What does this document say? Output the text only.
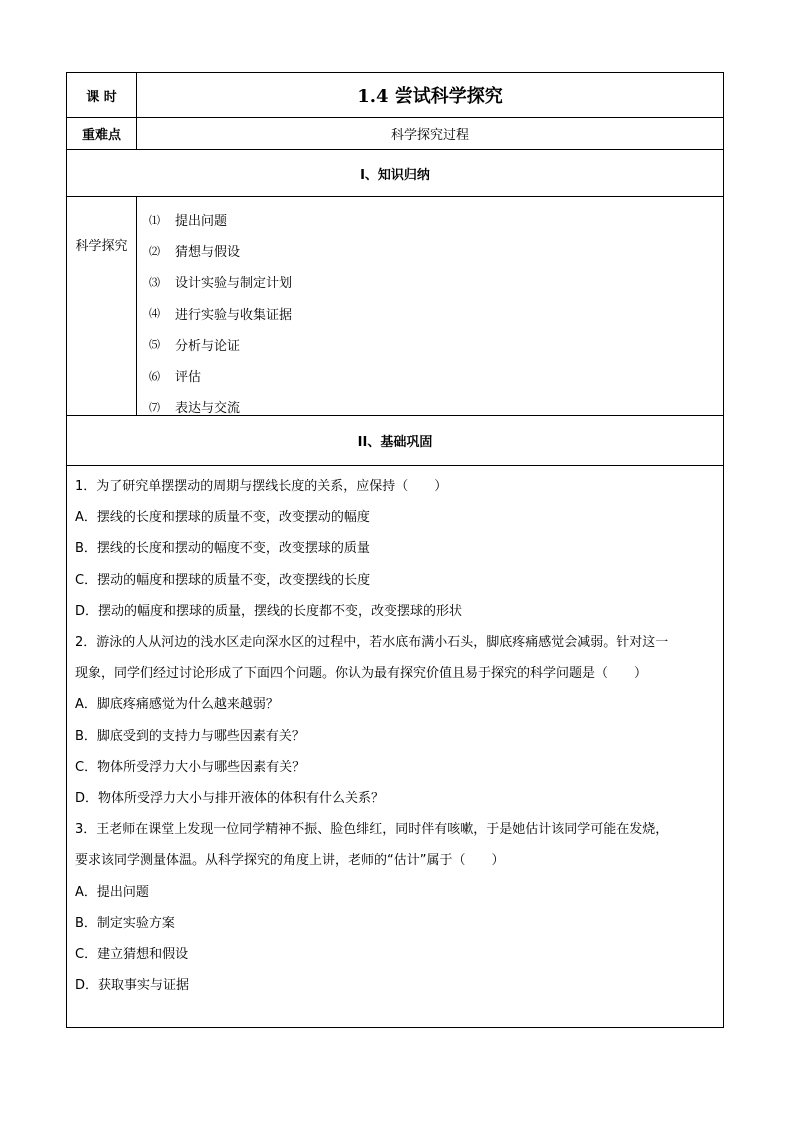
课 时	1.4 尝试科学探究
重难点	科学探究过程
I、知识归纳
科学探究
⑴	提出问题
⑵	猜想与假设
⑶	设计实验与制定计划
⑷	进行实验与收集证据
⑸	分析与论证
⑹	评估
⑺	表达与交流
II、基础巩固
1．为了研究单摆摆动的周期与摆线长度的关系，应保持（　　）
A．摆线的长度和摆球的质量不变，改变摆动的幅度
B．摆线的长度和摆动的幅度不变，改变摆球的质量
C．摆动的幅度和摆球的质量不变，改变摆线的长度
D．摆动的幅度和摆球的质量，摆线的长度都不变，改变摆球的形状
2．游泳的人从河边的浅水区走向深水区的过程中，若水底布满小石头，脚底疼痛感觉会减弱。针对这一
现象，同学们经过讨论形成了下面四个问题。你认为最有探究价值且易于探究的科学问题是（　　）
A．脚底疼痛感觉为什么越来越弱？
B．脚底受到的支持力与哪些因素有关？
C．物体所受浮力大小与哪些因素有关？
D．物体所受浮力大小与排开液体的体积有什么关系？
3．王老师在课堂上发现一位同学精神不振、脸色绯红，同时伴有咳嗽，于是她估计该同学可能在发烧，
要求该同学测量体温。从科学探究的角度上讲，老师的“估计”属于（　　）
A．提出问题
B．制定实验方案
C．建立猜想和假设
D．获取事实与证据
